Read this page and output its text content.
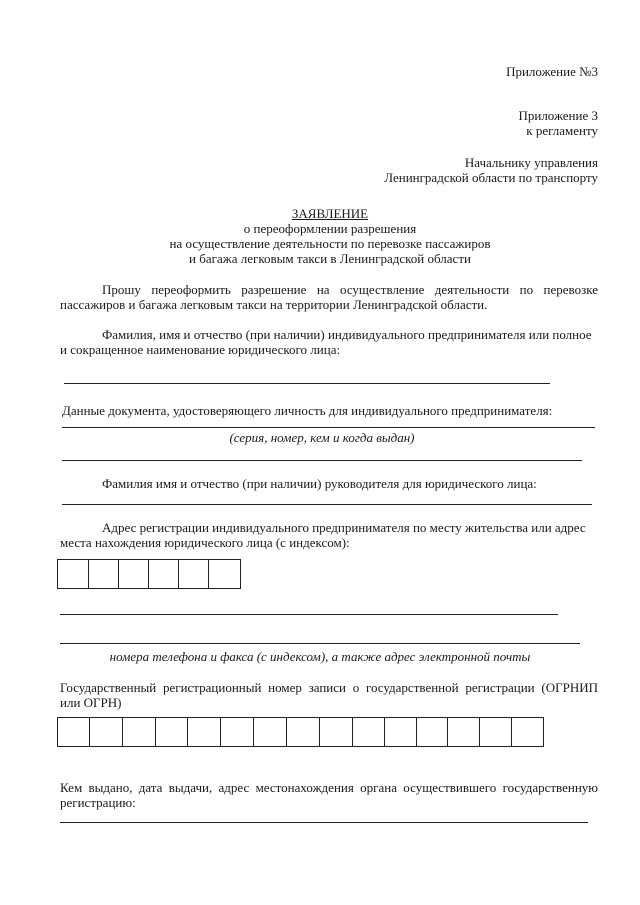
Приложение №3
Приложение 3
к регламенту
Начальнику управления
Ленинградской области по транспорту
ЗАЯВЛЕНИЕ
о переоформлении разрешения
на осуществление деятельности по перевозке пассажиров
и багажа легковым такси в Ленинградской области
Прошу переоформить разрешение на осуществление деятельности по перевозке
пассажиров и багажа легковым такси на территории Ленинградской области.
Фамилия, имя и отчество (при наличии) индивидуального предпринимателя или полное
и сокращенное наименование юридического лица:
Данные документа, удостоверяющего личность для индивидуального предпринимателя:
(серия, номер, кем и когда выдан)
Фамилия имя и отчество (при наличии) руководителя для юридического лица:
Адрес регистрации индивидуального предпринимателя по месту жительства или адрес
места нахождения юридического лица (с индексом):
номера телефона и факса (с индексом), а также адрес электронной почты
Государственный регистрационный номер записи о государственной регистрации (ОГРНИП
или ОГРН)
Кем выдано, дата выдачи, адрес местонахождения органа осуществившего государственную
регистрацию:
